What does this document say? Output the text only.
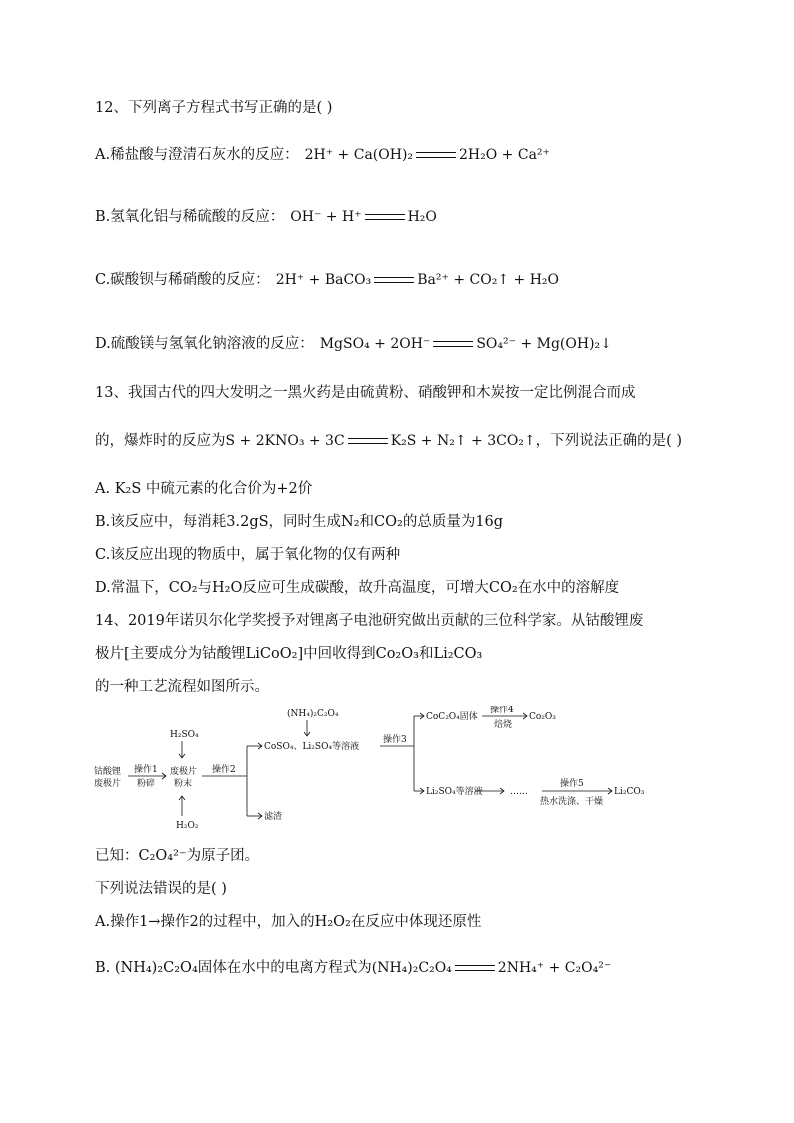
12、下列离子方程式书写正确的是( )
A.稀盐酸与澄清石灰水的反应： 2H⁺ + Ca(OH)₂	2H₂O + Ca²⁺
B.氢氧化铝与稀硫酸的反应： OH⁻ + H⁺	H₂O
C.碳酸钡与稀硝酸的反应： 2H⁺ + BaCO₃	Ba²⁺ + CO₂↑ + H₂O
D.硫酸镁与氢氧化钠溶液的反应： MgSO₄ + 2OH⁻	SO₄²⁻ + Mg(OH)₂↓
13、我国古代的四大发明之一黑火药是由硫黄粉、硝酸钾和木炭按一定比例混合而成
的，爆炸时的反应为S + 2KNO₃ + 3C	K₂S + N₂↑ + 3CO₂↑，下列说法正确的是( )
A. K₂S 中硫元素的化合价为+2价
B.该反应中，每消耗3.2gS，同时生成N₂和CO₂的总质量为16g
C.该反应出现的物质中，属于氧化物的仅有两种
D.常温下，CO₂与H₂O反应可生成碳酸，故升高温度，可增大CO₂在水中的溶解度
14、2019年诺贝尔化学奖授予对锂离子电池研究做出贡献的三位科学家。从钴酸锂废
极片[主要成分为钴酸锂LiCoO₂]中回收得到Co₂O₃和Li₂CO₃
的一种工艺流程如图所示。
钴酸锂
废极片
操作1
粉碎
H₂SO₄
废极片
粉末
H₂O₂
操作2
(NH₄)₂C₂O₄
CoSO₄、Li₂SO₄等溶液
滤渣
操作3
CoC₂O₄固体
操作4
焙烧
Co₂O₃
Li₂SO₄等溶液	……
操作5
热水洗涤、干燥
Li₂CO₃
已知：C₂O₄²⁻为原子团。
下列说法错误的是( )
A.操作1→操作2的过程中，加入的H₂O₂在反应中体现还原性
B. (NH₄)₂C₂O₄固体在水中的电离方程式为(NH₄)₂C₂O₄	2NH₄⁺ + C₂O₄²⁻
